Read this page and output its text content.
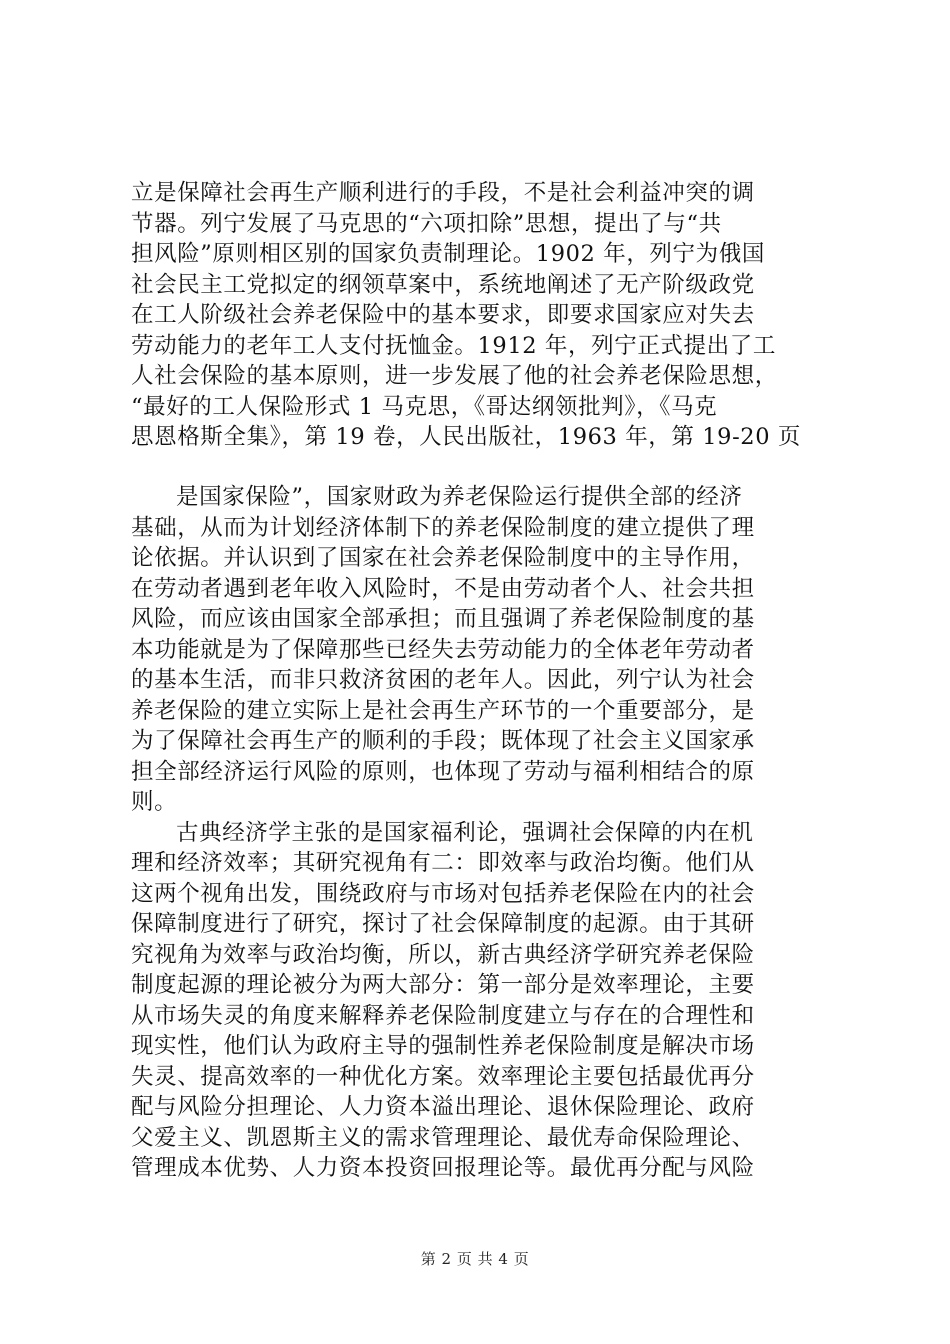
立是保障社会再生产顺利进行的手段，不是社会利益冲突的调
节器。列宁发展了马克思的“六项扣除”思想，提出了与“共
担风险”原则相区别的国家负责制理论。1902 年，列宁为俄国
社会民主工党拟定的纲领草案中，系统地阐述了无产阶级政党
在工人阶级社会养老保险中的基本要求，即要求国家应对失去
劳动能力的老年工人支付抚恤金。1912 年，列宁正式提出了工
人社会保险的基本原则，进一步发展了他的社会养老保险思想，
“最好的工人保险形式 1 马克思，《哥达纲领批判》，《马克
思恩格斯全集》，第 19 卷，人民出版社，1963 年，第 19-20 页
是国家保险”，国家财政为养老保险运行提供全部的经济
基础，从而为计划经济体制下的养老保险制度的建立提供了理
论依据。并认识到了国家在社会养老保险制度中的主导作用，
在劳动者遇到老年收入风险时，不是由劳动者个人、社会共担
风险，而应该由国家全部承担；而且强调了养老保险制度的基
本功能就是为了保障那些已经失去劳动能力的全体老年劳动者
的基本生活，而非只救济贫困的老年人。因此，列宁认为社会
养老保险的建立实际上是社会再生产环节的一个重要部分，是
为了保障社会再生产的顺利的手段；既体现了社会主义国家承
担全部经济运行风险的原则，也体现了劳动与福利相结合的原
则。
古典经济学主张的是国家福利论，强调社会保障的内在机
理和经济效率；其研究视角有二：即效率与政治均衡。他们从
这两个视角出发，围绕政府与市场对包括养老保险在内的社会
保障制度进行了研究，探讨了社会保障制度的起源。由于其研
究视角为效率与政治均衡，所以，新古典经济学研究养老保险
制度起源的理论被分为两大部分：第一部分是效率理论，主要
从市场失灵的角度来解释养老保险制度建立与存在的合理性和
现实性，他们认为政府主导的强制性养老保险制度是解决市场
失灵、提高效率的一种优化方案。效率理论主要包括最优再分
配与风险分担理论、人力资本溢出理论、退休保险理论、政府
父爱主义、凯恩斯主义的需求管理理论、最优寿命保险理论、
管理成本优势、人力资本投资回报理论等。最优再分配与风险
第 2 页 共 4 页
